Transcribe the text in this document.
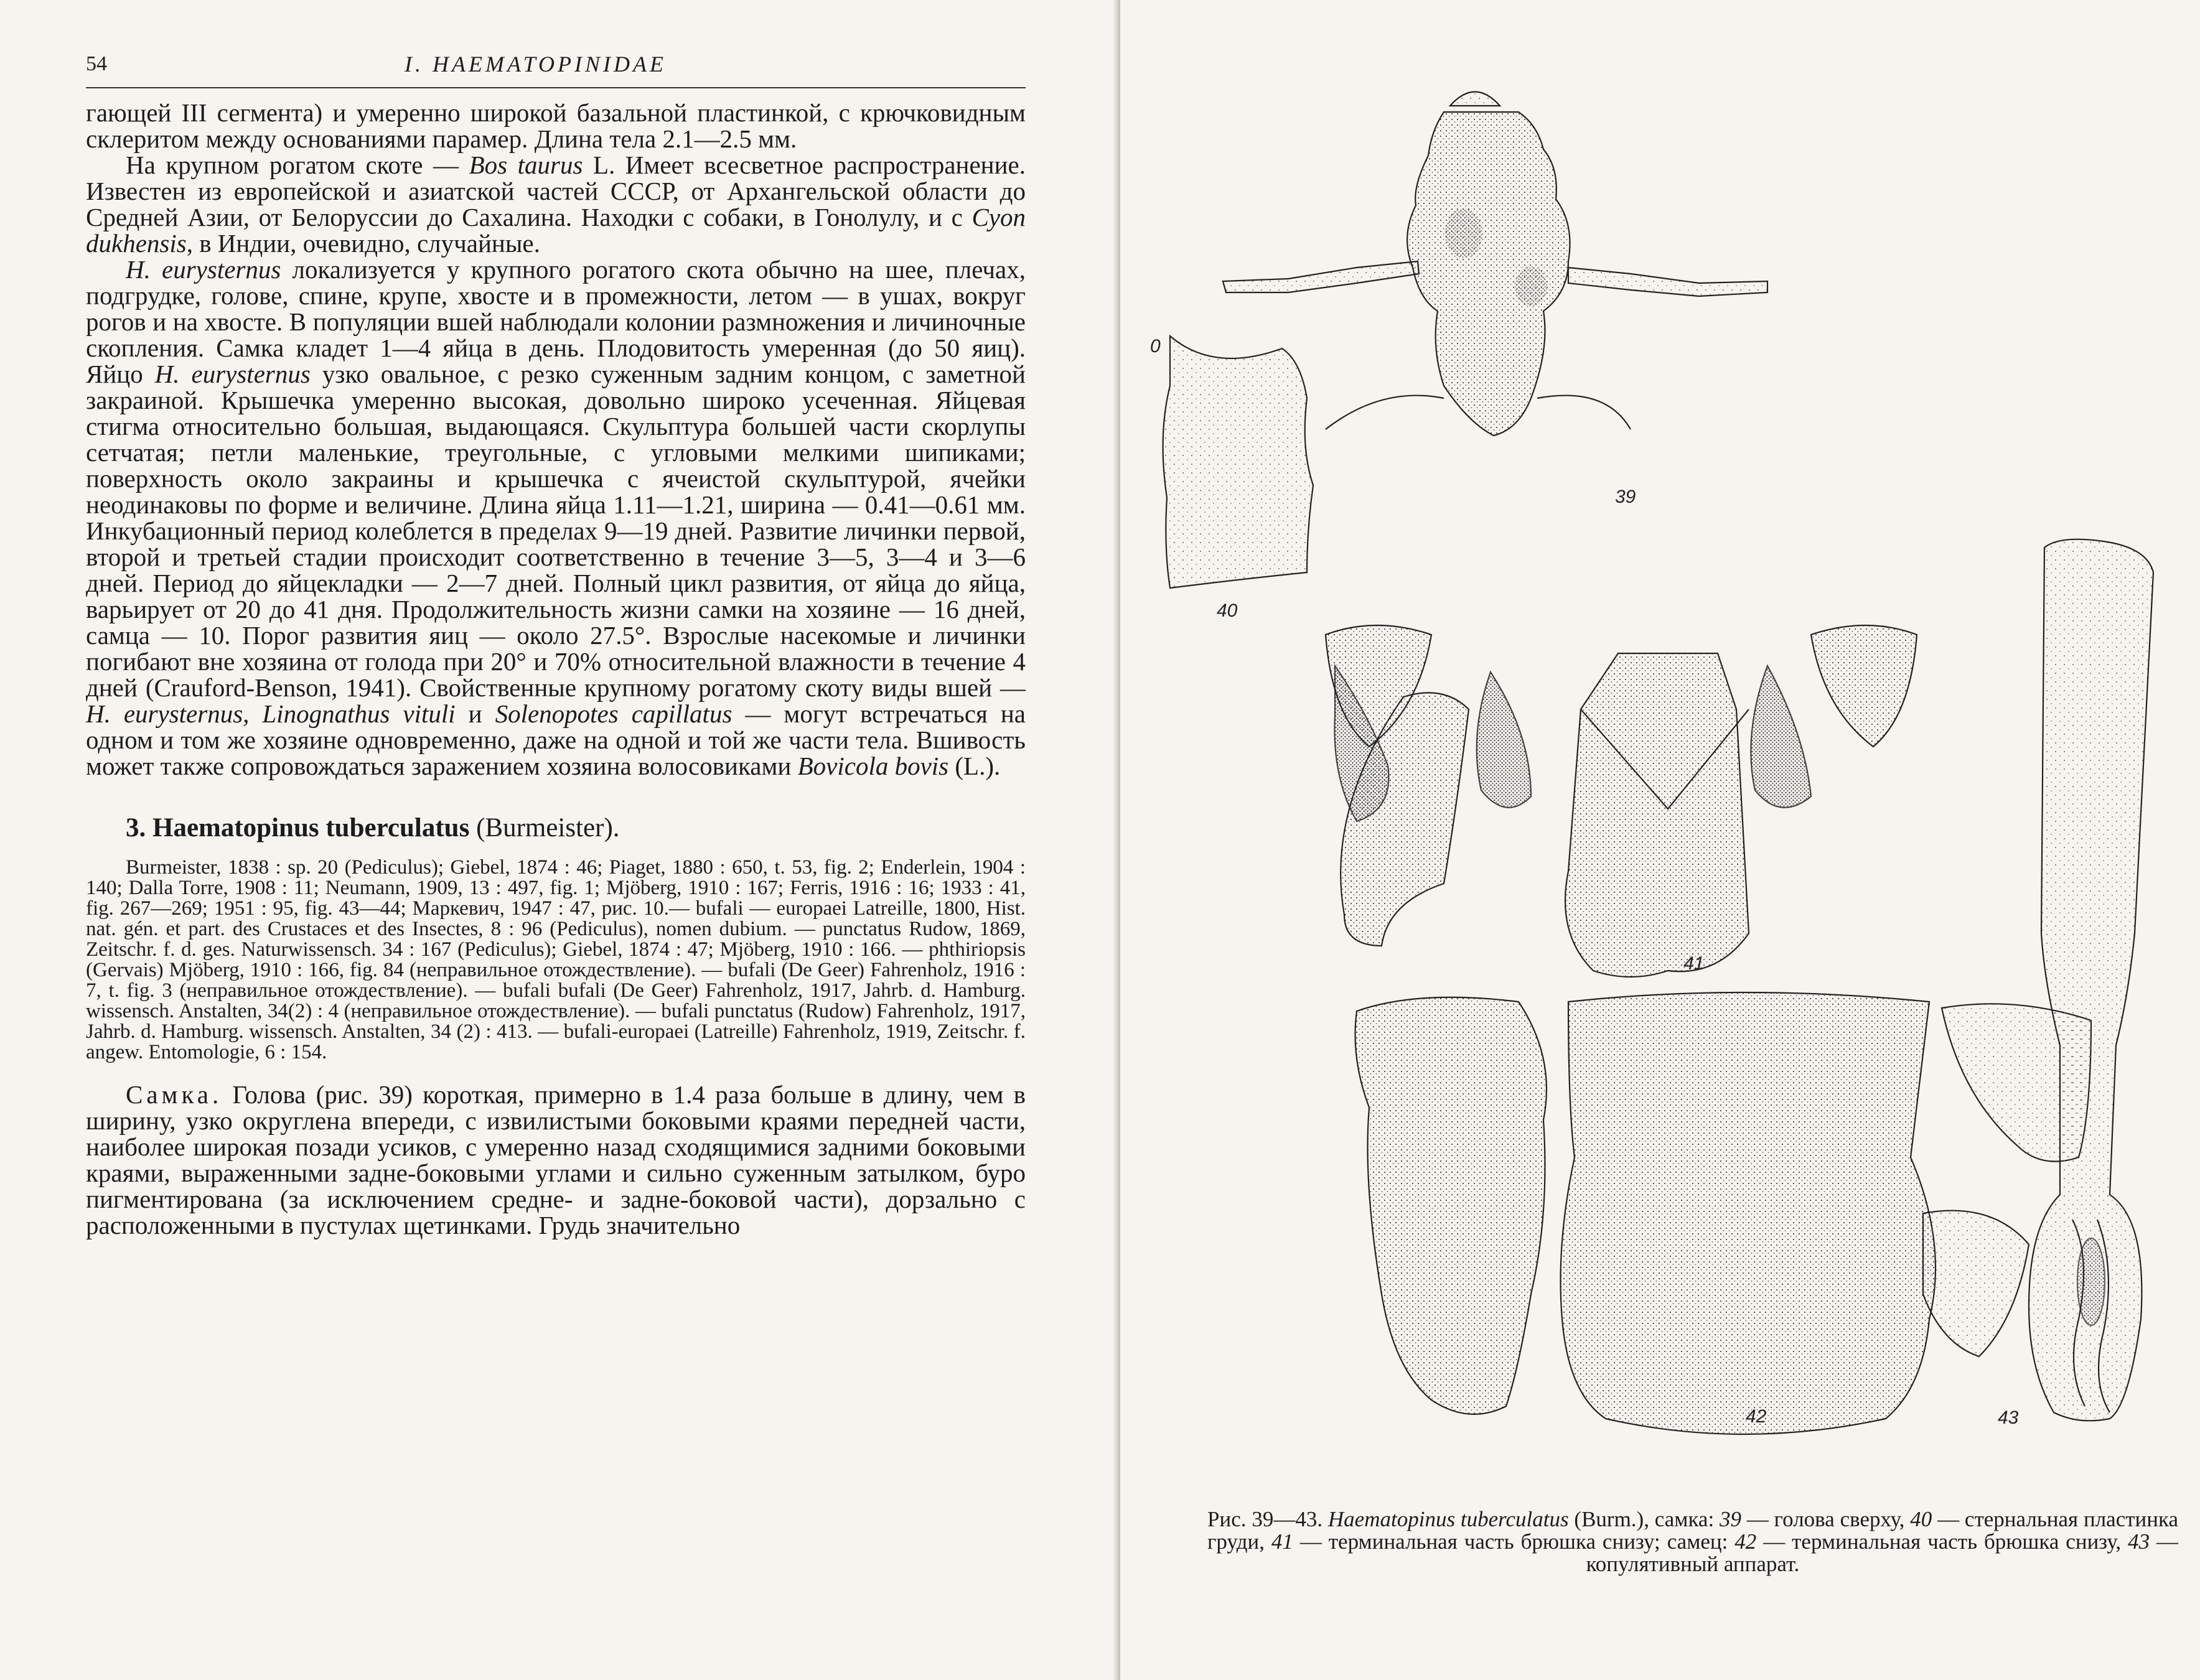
54	I. HAEMATOPINIDAE

гающей III сегмента) и умеренно широкой базальной пластинкой, с крючковидным склеритом между основаниями парамер. Длина тела 2.1—2.5 мм.

На крупном рогатом скоте — Bos taurus L. Имеет всесветное распространение. Известен из европейской и азиатской частей СССР, от Архангельской области до Средней Азии, от Белоруссии до Сахалина. Находки с собаки, в Гонолулу, и с Cyon dukhensis, в Индии, очевидно, случайные.

H. eurysternus локализуется у крупного рогатого скота обычно на шее, плечах, подгрудке, голове, спине, крупе, хвосте и в промежности, летом — в ушах, вокруг рогов и на хвосте. В популяции вшей наблюдали колонии размножения и личиночные скопления. Самка кладет 1—4 яйца в день. Плодовитость умеренная (до 50 яиц). Яйцо H. eurysternus узко овальное, с резко суженным задним концом, с заметной закраиной. Крышечка умеренно высокая, довольно широко усеченная. Яйцевая стигма относительно большая, выдающаяся. Скульптура большей части скорлупы сетчатая; петли маленькие, треугольные, с угловыми мелкими шипиками; поверхность около закраины и крышечка с ячеистой скульптурой, ячейки неодинаковы по форме и величине. Длина яйца 1.11—1.21, ширина — 0.41—0.61 мм. Инкубационный период колеблется в пределах 9—19 дней. Развитие личинки первой, второй и третьей стадии происходит соответственно в течение 3—5, 3—4 и 3—6 дней. Период до яйцекладки — 2—7 дней. Полный цикл развития, от яйца до яйца, варьирует от 20 до 41 дня. Продолжительность жизни самки на хозяине — 16 дней, самца — 10. Порог развития яиц — около 27.5°. Взрослые насекомые и личинки погибают вне хозяина от голода при 20° и 70% относительной влажности в течение 4 дней (Crauford-Benson, 1941). Свойственные крупному рогатому скоту виды вшей — H. eurysternus, Linognathus vituli и Solenopotes capillatus — могут встречаться на одном и том же хозяине одновременно, даже на одной и той же части тела. Вшивость может также сопровождаться заражением хозяина волосовиками Bovicola bovis (L.).

3. Haematopinus tuberculatus (Burmeister).

Burmeister, 1838 : sp. 20 (Pediculus); Giebel, 1874 : 46; Piaget, 1880 : 650, t. 53, fig. 2; Enderlein, 1904 : 140; Dalla Torre, 1908 : 11; Neumann, 1909, 13 : 497, fig. 1; Mjöberg, 1910 : 167; Ferris, 1916 : 16; 1933 : 41, fig. 267—269; 1951 : 95, fig. 43—44; Маркевич, 1947 : 47, рис. 10.— bufali — europaei Latreille, 1800, Hist. nat. gén. et part. des Crustaces et des Insectes, 8 : 96 (Pediculus), nomen dubium. — punctatus Rudow, 1869, Zeitschr. f. d. ges. Naturwissensch. 34 : 167 (Pediculus); Giebel, 1874 : 47; Mjöberg, 1910 : 166. — phthiriopsis (Gervais) Mjöberg, 1910 : 166, fig. 84 (неправильное отождествление). — bufali (De Geer) Fahrenholz, 1916 : 7, t. fig. 3 (неправильное отождествление). — bufali bufali (De Geer) Fahrenholz, 1917, Jahrb. d. Hamburg. wissensch. Anstalten, 34(2) : 4 (неправильное отождествление). — bufali punctatus (Rudow) Fahrenholz, 1917, Jahrb. d. Hamburg. wissensch. Anstalten, 34 (2) : 413. — bufali-europaei (Latreille) Fahrenholz, 1919, Zeitschr. f. angew. Entomologie, 6 : 154.

Самка. Голова (рис. 39) короткая, примерно в 1.4 раза больше в длину, чем в ширину, узко округлена впереди, с извилистыми боковыми краями передней части, наиболее широкая позади усиков, с умеренно назад сходящимися задними боковыми краями, выраженными задне-боковыми углами и сильно суженным затылком, буро пигментирована (за исключением средне- и задне-боковой части), дорзально с расположенными в пустулах щетинками. Грудь значительно

0
39
40
41
42	43

Рис. 39—43. Haematopinus tuberculatus (Burm.), самка: 39 — голова сверху, 40 — стернальная пластинка груди, 41 — терминальная часть брюшка снизу; самец: 42 — терминальная часть брюшка снизу, 43 — копулятивный аппарат.
